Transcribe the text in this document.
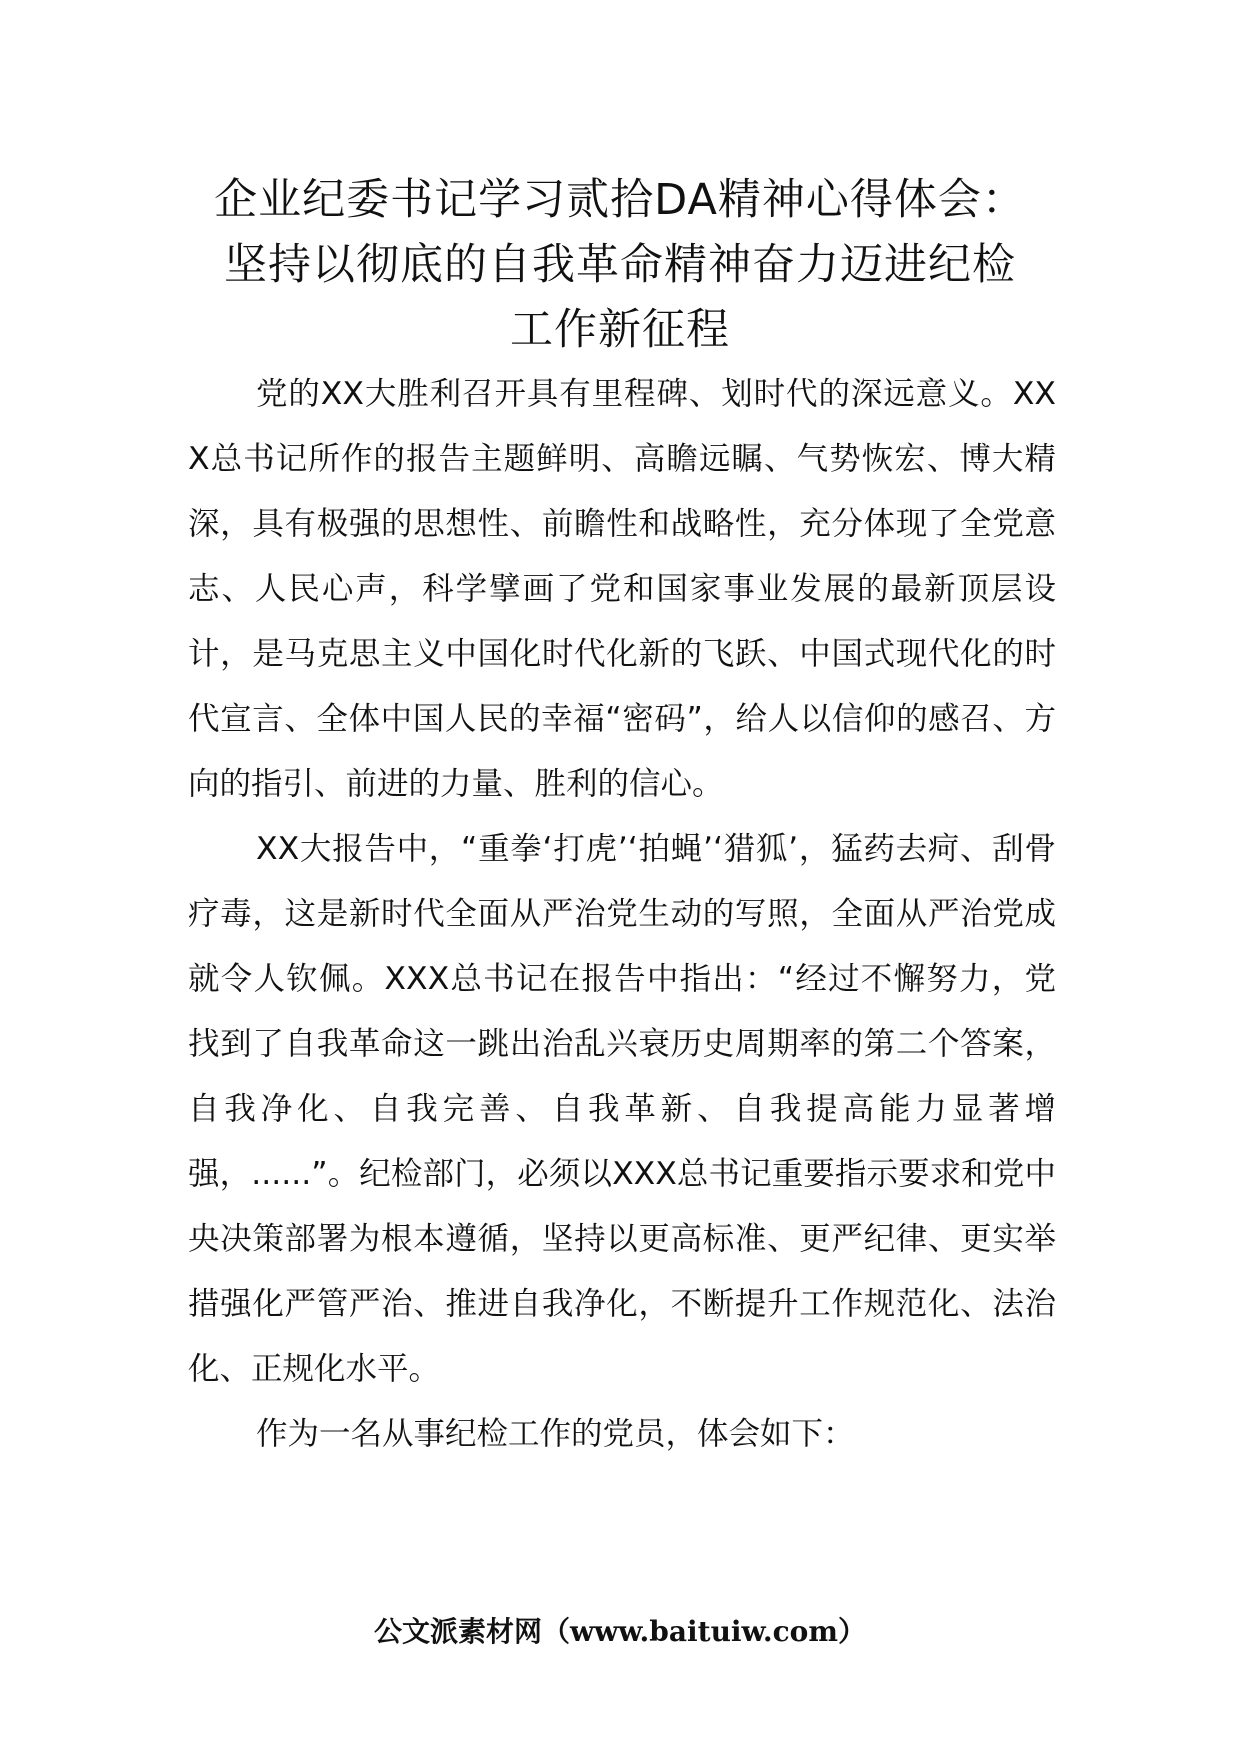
企业纪委书记学习贰拾DA精神心得体会：
坚持以彻底的自我革命精神奋力迈进纪检
工作新征程

党的XX大胜利召开具有里程碑、划时代的深远意义。XXX总书记所作的报告主题鲜明、高瞻远瞩、气势恢宏、博大精深，具有极强的思想性、前瞻性和战略性，充分体现了全党意志、人民心声，科学擘画了党和国家事业发展的最新顶层设计，是马克思主义中国化时代化新的飞跃、中国式现代化的时代宣言、全体中国人民的幸福“密码”，给人以信仰的感召、方向的指引、前进的力量、胜利的信心。

XX大报告中，“重拳‘打虎’‘拍蝇’‘猎狐’，猛药去疴、刮骨疗毒，这是新时代全面从严治党生动的写照，全面从严治党成就令人钦佩。XXX总书记在报告中指出：“经过不懈努力，党找到了自我革命这一跳出治乱兴衰历史周期率的第二个答案，自我净化、自我完善、自我革新、自我提高能力显著增强，......”。纪检部门，必须以XXX总书记重要指示要求和党中央决策部署为根本遵循，坚持以更高标准、更严纪律、更实举措强化严管严治、推进自我净化，不断提升工作规范化、法治化、正规化水平。

作为一名从事纪检工作的党员，体会如下：

公文派素材网（www.baituiw.com）
